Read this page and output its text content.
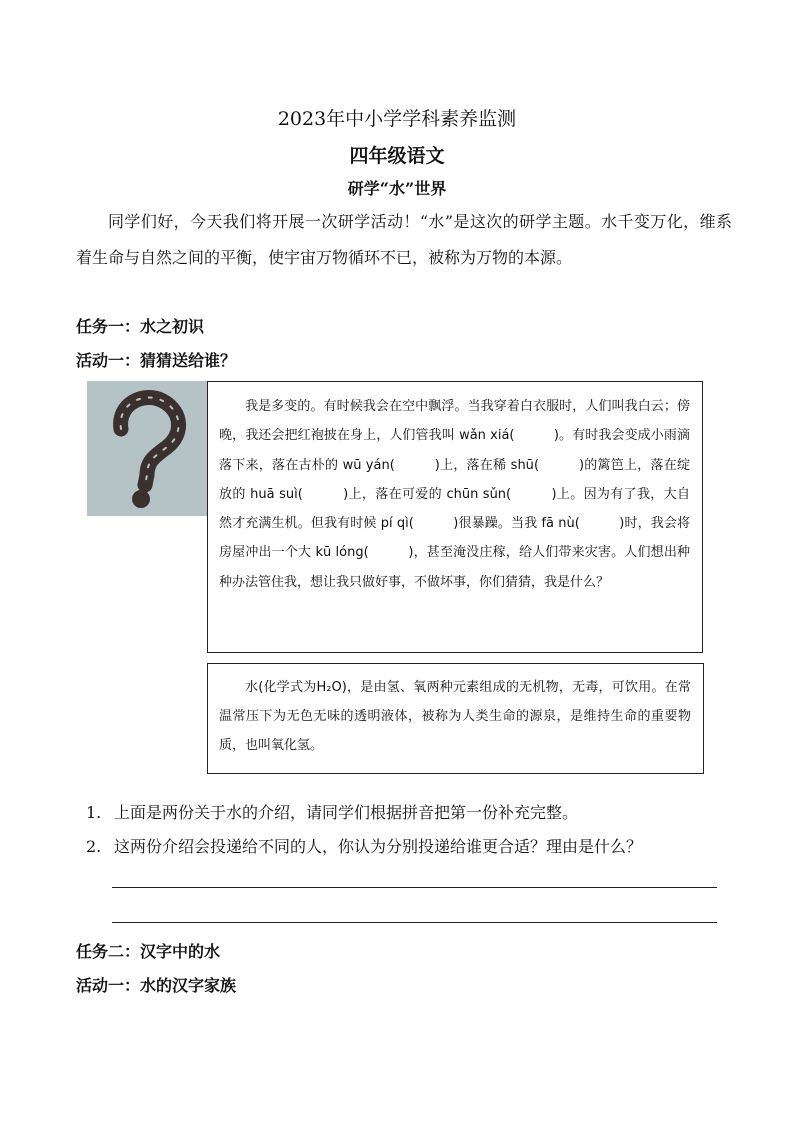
2023年中小学学科素养监测
四年级语文
研学“水”世界

同学们好，今天我们将开展一次研学活动！“水”是这次的研学主题。水千变万化，维系着生命与自然之间的平衡，使宇宙万物循环不已，被称为万物的本源。

任务一：水之初识

活动一：猜猜送给谁？

我是多变的。有时候我会在空中飘浮。当我穿着白衣服时，人们叫我白云；傍晚，我还会把红袍披在身上，人们管我叫 wǎn xiá(　　　)。有时我会变成小雨滴落下来，落在古朴的 wū yán(　　　)上，落在稀 shū(　　　)的篱笆上，落在绽放的 huā suì(　　　)上，落在可爱的 chūn sǔn(　　　)上。因为有了我，大自然才充满生机。但我有时候 pí qì(　　　)很暴躁。当我 fā nù(　　　)时，我会将房屋冲出一个大 kū lóng(　　　)，甚至淹没庄稼，给人们带来灾害。人们想出种种办法管住我，想让我只做好事，不做坏事，你们猜猜，我是什么？

水(化学式为H₂O)，是由氢、氧两种元素组成的无机物，无毒，可饮用。在常温常压下为无色无味的透明液体，被称为人类生命的源泉，是维持生命的重要物质，也叫氧化氢。

1. 上面是两份关于水的介绍，请同学们根据拼音把第一份补充完整。

2. 这两份介绍会投递给不同的人，你认为分别投递给谁更合适？理由是什么？

任务二：汉字中的水

活动一：水的汉字家族
